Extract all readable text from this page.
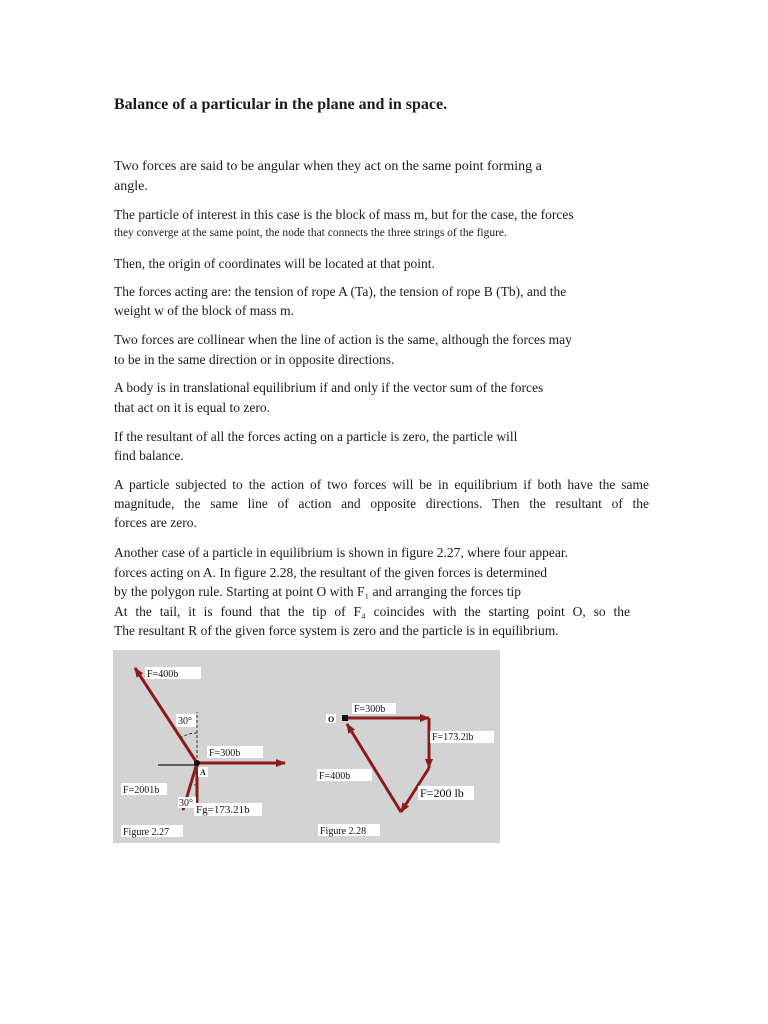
Balance of a particular in the plane and in space.
Two forces are said to be angular when they act on the same point forming a
angle.
The particle of interest in this case is the block of mass m, but for the case, the forces
they converge at the same point, the node that connects the three strings of the figure.
Then, the origin of coordinates will be located at that point.
The forces acting are: the tension of rope A (Ta), the tension of rope B (Tb), and the
weight w of the block of mass m.
Two forces are collinear when the line of action is the same, although the forces may
to be in the same direction or in opposite directions.
A body is in translational equilibrium if and only if the vector sum of the forces
that act on it is equal to zero.
If the resultant of all the forces acting on a particle is zero, the particle will
find balance.
A particle subjected to the action of two forces will be in equilibrium if both have the same
magnitude, the same line of action and opposite directions. Then the resultant of the
forces are zero.
Another case of a particle in equilibrium is shown in figure 2.27, where four appear.
forces acting on A. In figure 2.28, the resultant of the given forces is determined
by the polygon rule. Starting at point O with F₁ and arranging the forces tip
At the tail, it is found that the tip of F₄ coincides with the starting point O, so the
The resultant R of the given force system is zero and the particle is in equilibrium.
F=400b
30°
F=300b
A
F=2001b
30°
Fg=173.21b
Figure 2.27
O
F=300b
F=173.2lb
F=400b
F=200 lb
Figure 2.28
